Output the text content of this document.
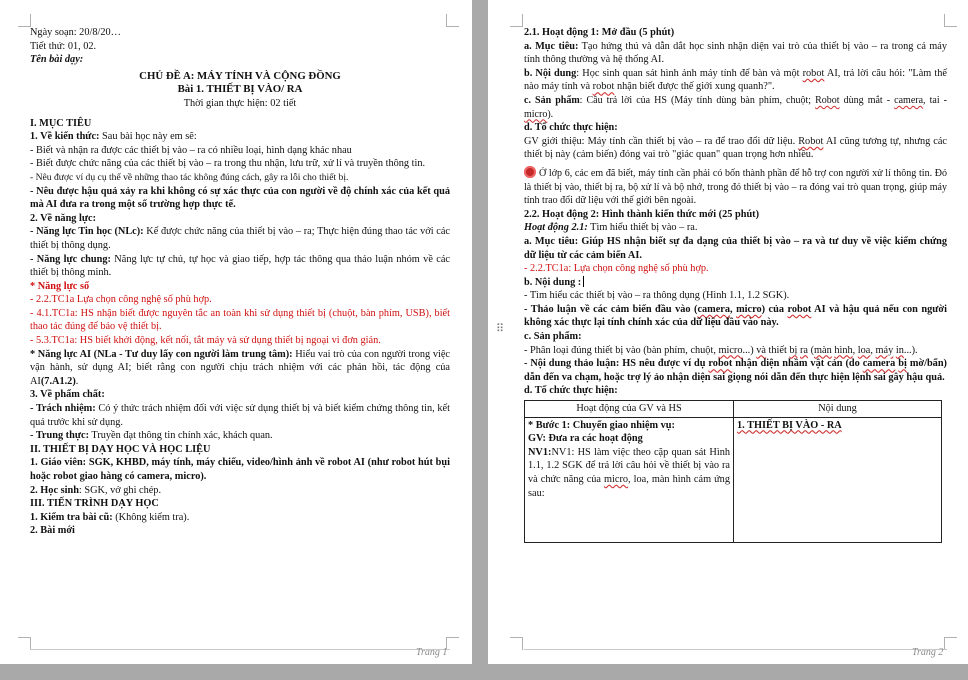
Ngày soạn: 20/8/20…

Tiết thứ: 01, 02.

Tên bài dạy:

CHỦ ĐỀ A: MÁY TÍNH VÀ CỘNG ĐỒNG

Bài 1. THIẾT BỊ VÀO/ RA

Thời gian thực hiện: 02 tiết

I. MỤC TIÊU

1. Về kiến thức: Sau bài học này em sẽ:

- Biết và nhận ra được các thiết bị vào – ra có nhiều loại, hình dạng khác nhau

- Biết được chức năng của các thiết bị vào – ra trong thu nhận, lưu trữ, xử lí và truyền thông tin.

- Nêu được ví dụ cụ thể về những thao tác không đúng cách, gây ra lỗi cho thiết bị.

- Nêu được hậu quả xảy ra khi không có sự xác thực của con người về độ chính xác của kết quả mà AI đưa ra trong một số trường hợp thực tế.

2. Về năng lực:

- Năng lực Tin học (NLc): Kể được chức năng của thiết bị vào – ra; Thực hiện đúng thao tác với các thiết bị thông dụng.

- Năng lực chung: Năng lực tự chủ, tự học và giao tiếp, hợp tác thông qua thảo luận nhóm về các thiết bị thông minh.

* Năng lực số

- 2.2.TC1a Lựa chọn công nghệ số phù hợp.

- 4.1.TC1a: HS nhận biết được nguyên tắc an toàn khi sử dụng thiết bị (chuột, bàn phím, USB), biết thao tác đúng để bảo vệ thiết bị.

- 5.3.TC1a: HS biết khởi động, kết nối, tắt máy và sử dụng thiết bị ngoại vi đơn giản.

* Năng lực AI (NLa - Tư duy lấy con người làm trung tâm): Hiểu vai trò của con người trong việc vận hành, sử dụng AI; biết rằng con người chịu trách nhiệm với các phản hồi, tác động của AI(7.A1.2).

3. Về phẩm chất:

- Trách nhiệm: Có ý thức trách nhiệm đối với việc sử dụng thiết bị và biết kiểm chứng thông tin, kết quả trước khi sử dụng.

- Trung thực: Truyền đạt thông tin chính xác, khách quan.

II. THIẾT BỊ DẠY HỌC VÀ HỌC LIỆU

1. Giáo viên: SGK, KHBD, máy tính, máy chiếu, video/hình ảnh về robot AI (như robot hút bụi hoặc robot giao hàng có camera, micro).

2. Học sinh: SGK, vở ghi chép.

III. TIẾN TRÌNH DẠY HỌC

1. Kiểm tra bài cũ: (Không kiểm tra).

2. Bài mới

Trang 1

2.1. Hoạt động 1: Mở đầu (5 phút)

a. Mục tiêu: Tạo hứng thú và dẫn dắt học sinh nhận diện vai trò của thiết bị vào – ra trong cả máy tính thông thường và hệ thống AI.

b. Nội dung: Học sinh quan sát hình ảnh máy tính để bàn và một robot AI, trả lời câu hỏi: "Làm thế nào máy tính và robot nhận biết được thế giới xung quanh?".

c. Sản phẩm: Câu trả lời của HS (Máy tính dùng bàn phím, chuột; Robot dùng mắt - camera, tai - micro).

d. Tổ chức thực hiện:

GV giới thiệu: Máy tính cần thiết bị vào – ra để trao đổi dữ liệu. Robot AI cũng tương tự, nhưng các thiết bị này (cảm biến) đóng vai trò "giác quan" quan trọng hơn nhiều.

Ở lớp 6, các em đã biết, máy tính cần phải có bốn thành phần để hỗ trợ con người xử lí thông tin. Đó là thiết bị vào, thiết bị ra, bộ xử lí và bộ nhớ, trong đó thiết bị vào – ra đóng vai trò quan trọng, giúp máy tính trao đổi dữ liệu với thế giới bên ngoài.

2.2. Hoạt động 2: Hình thành kiến thức mới (25 phút)

Hoạt động 2.1: Tìm hiểu thiết bị vào – ra.

a. Mục tiêu: Giúp HS nhận biết sự đa dạng của thiết bị vào – ra và tư duy về việc kiểm chứng dữ liệu từ các cảm biến AI.

- 2.2.TC1a: Lựa chọn công nghệ số phù hợp.

b. Nội dung :

- Tìm hiểu các thiết bị vào – ra thông dụng (Hình 1.1, 1.2 SGK).

- Thảo luận về các cảm biến đầu vào (camera, micro) của robot AI và hậu quả nếu con người không xác thực lại tính chính xác của dữ liệu đầu vào này.

c. Sản phẩm:

- Phân loại đúng thiết bị vào (bàn phím, chuột, micro...) và thiết bị ra (màn hình, loa, máy in...).

- Nội dung thảo luận: HS nêu được ví dụ robot nhận diện nhầm vật cản (do camera bị mờ/bẩn) dẫn đến va chạm, hoặc trợ lý ảo nhận diện sai giọng nói dẫn đến thực hiện lệnh sai gây hậu quả.

d. Tổ chức thực hiện:

Hoạt động của GV và HS	Nội dung
* Bước 1: Chuyển giao nhiệm vụ:
GV: Đưa ra các hoạt động
NV1:NV1: HS làm việc theo cặp quan sát Hình 1.1, 1.2 SGK để trả lời câu hỏi về thiết bị vào ra và chức năng của micro, loa, màn hình cảm ứng sau:	1. THIẾT BỊ VÀO - RA
Trang 2
⠿
